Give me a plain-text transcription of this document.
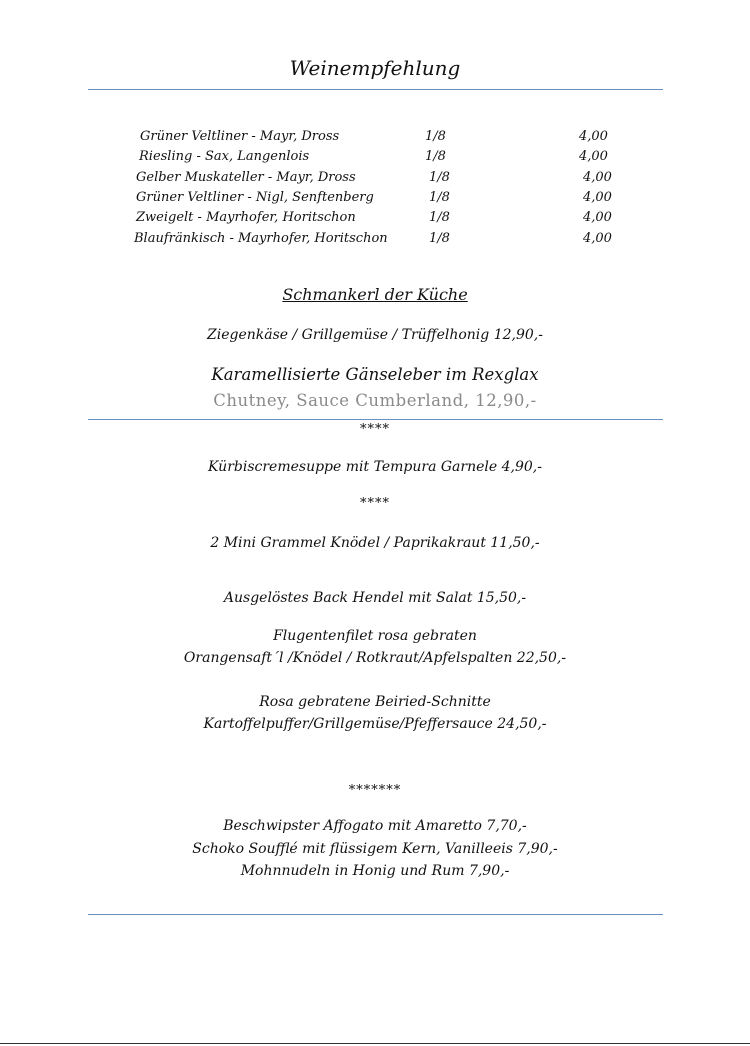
Weinempfehlung
Grüner Veltliner - Mayr, Dross	1/8	4,00
Riesling - Sax, Langenlois	1/8	4,00
Gelber Muskateller - Mayr, Dross	1/8	4,00
Grüner Veltliner - Nigl, Senftenberg	1/8	4,00
Zweigelt - Mayrhofer, Horitschon	1/8	4,00
Blaufränkisch - Mayrhofer, Horitschon	1/8	4,00
Schmankerl der Küche
Ziegenkäse / Grillgemüse / Trüffelhonig 12,90,-
Karamellisierte Gänseleber im Rexglax
Chutney, Sauce Cumberland, 12,90,-
****
Kürbiscremesuppe mit Tempura Garnele 4,90,-
****
2 Mini Grammel Knödel / Paprikakraut 11,50,-
Ausgelöstes Back Hendel mit Salat 15,50,-
Flugentenfilet rosa gebraten
Orangensaft´l /Knödel / Rotkraut/Apfelspalten 22,50,-
Rosa gebratene Beiried-Schnitte
Kartoffelpuffer/Grillgemüse/Pfeffersauce 24,50,-
*******
Beschwipster Affogato mit Amaretto 7,70,-
Schoko Soufflé mit flüssigem Kern, Vanilleeis 7,90,-
Mohnnudeln in Honig und Rum 7,90,-
